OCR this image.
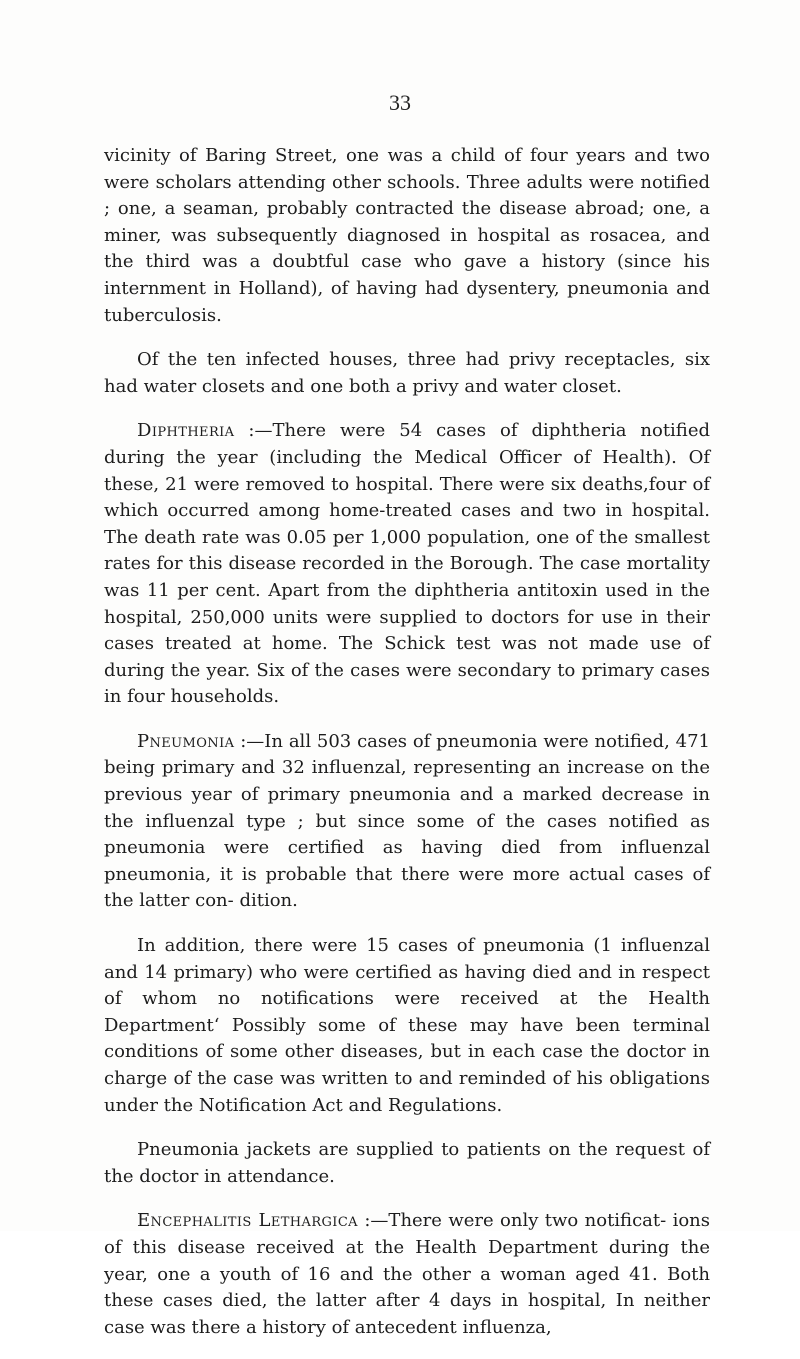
33

vicinity of Baring Street, one was a child of four years and two were scholars attending other schools. Three adults were notified ; one, a seaman, probably contracted the disease abroad; one, a miner, was subsequently diagnosed in hospital as rosacea, and the third was a doubtful case who gave a history (since his internment in Holland), of having had dysentery, pneumonia and tuberculosis.

Of the ten infected houses, three had privy receptacles, six had water closets and one both a privy and water closet.

Diphtheria :—There were 54 cases of diphtheria notified during the year (including the Medical Officer of Health). Of these, 21 were removed to hospital. There were six deaths,four of which occurred among home-treated cases and two in hospital. The death rate was 0.05 per 1,000 population, one of the smallest rates for this disease recorded in the Borough. The case mortality was 11 per cent. Apart from the diphtheria antitoxin used in the hospital, 250,000 units were supplied to doctors for use in their cases treated at home. The Schick test was not made use of during the year. Six of the cases were secondary to primary cases in four households.

Pneumonia :—In all 503 cases of pneumonia were notified, 471 being primary and 32 influenzal, representing an increase on the previous year of primary pneumonia and a marked decrease in the influenzal type ; but since some of the cases notified as pneumonia were certified as having died from influenzal pneumonia, it is probable that there were more actual cases of the latter con- dition.

In addition, there were 15 cases of pneumonia (1 influenzal and 14 primary) who were certified as having died and in respect of whom no notifications were received at the Health Departmentʻ Possibly some of these may have been terminal conditions of some other diseases, but in each case the doctor in charge of the case was written to and reminded of his obligations under the Notification Act and Regulations.

Pneumonia jackets are supplied to patients on the request of the doctor in attendance.

Encephalitis Lethargica :—There were only two notificat- ions of this disease received at the Health Department during the year, one a youth of 16 and the other a woman aged 41. Both these cases died, the latter after 4 days in hospital, In neither case was there a history of antecedent influenza,
